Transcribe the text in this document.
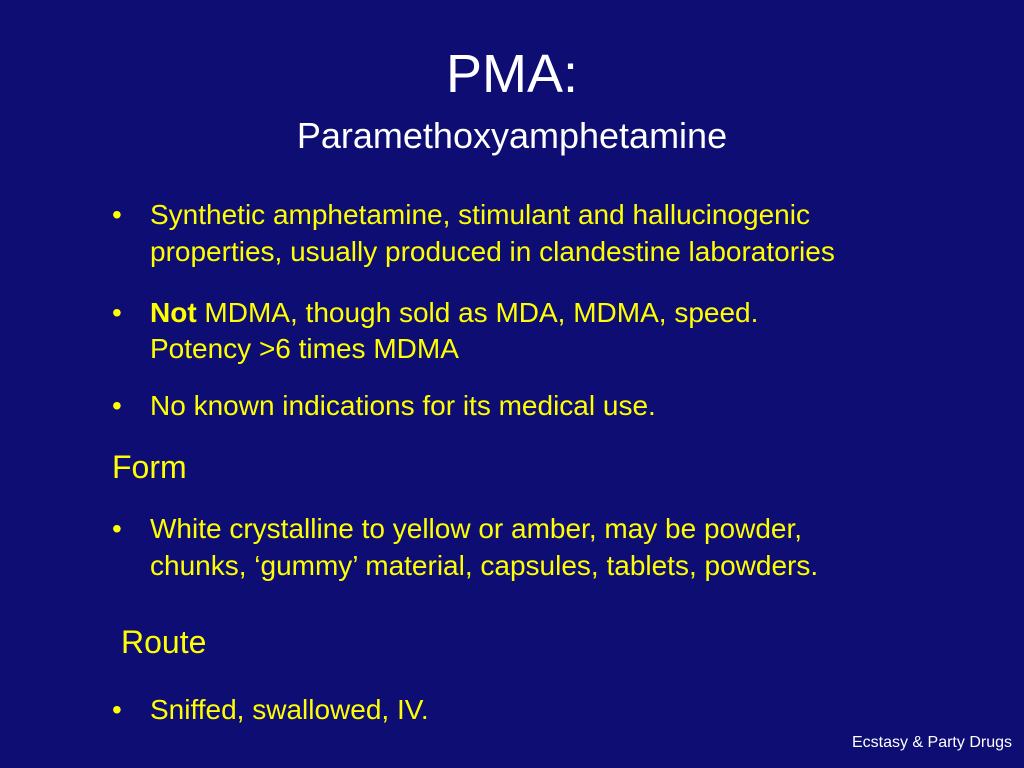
PMA:
Paramethoxyamphetamine
• Synthetic amphetamine, stimulant and hallucinogenic
properties, usually produced in clandestine laboratories
• Not MDMA, though sold as MDA, MDMA, speed.
Potency >6 times MDMA
• No known indications for its medical use.
Form
• White crystalline to yellow or amber, may be powder,
chunks, ‘gummy’ material, capsules, tablets, powders.
Route
• Sniffed, swallowed, IV.
Ecstasy & Party Drugs
